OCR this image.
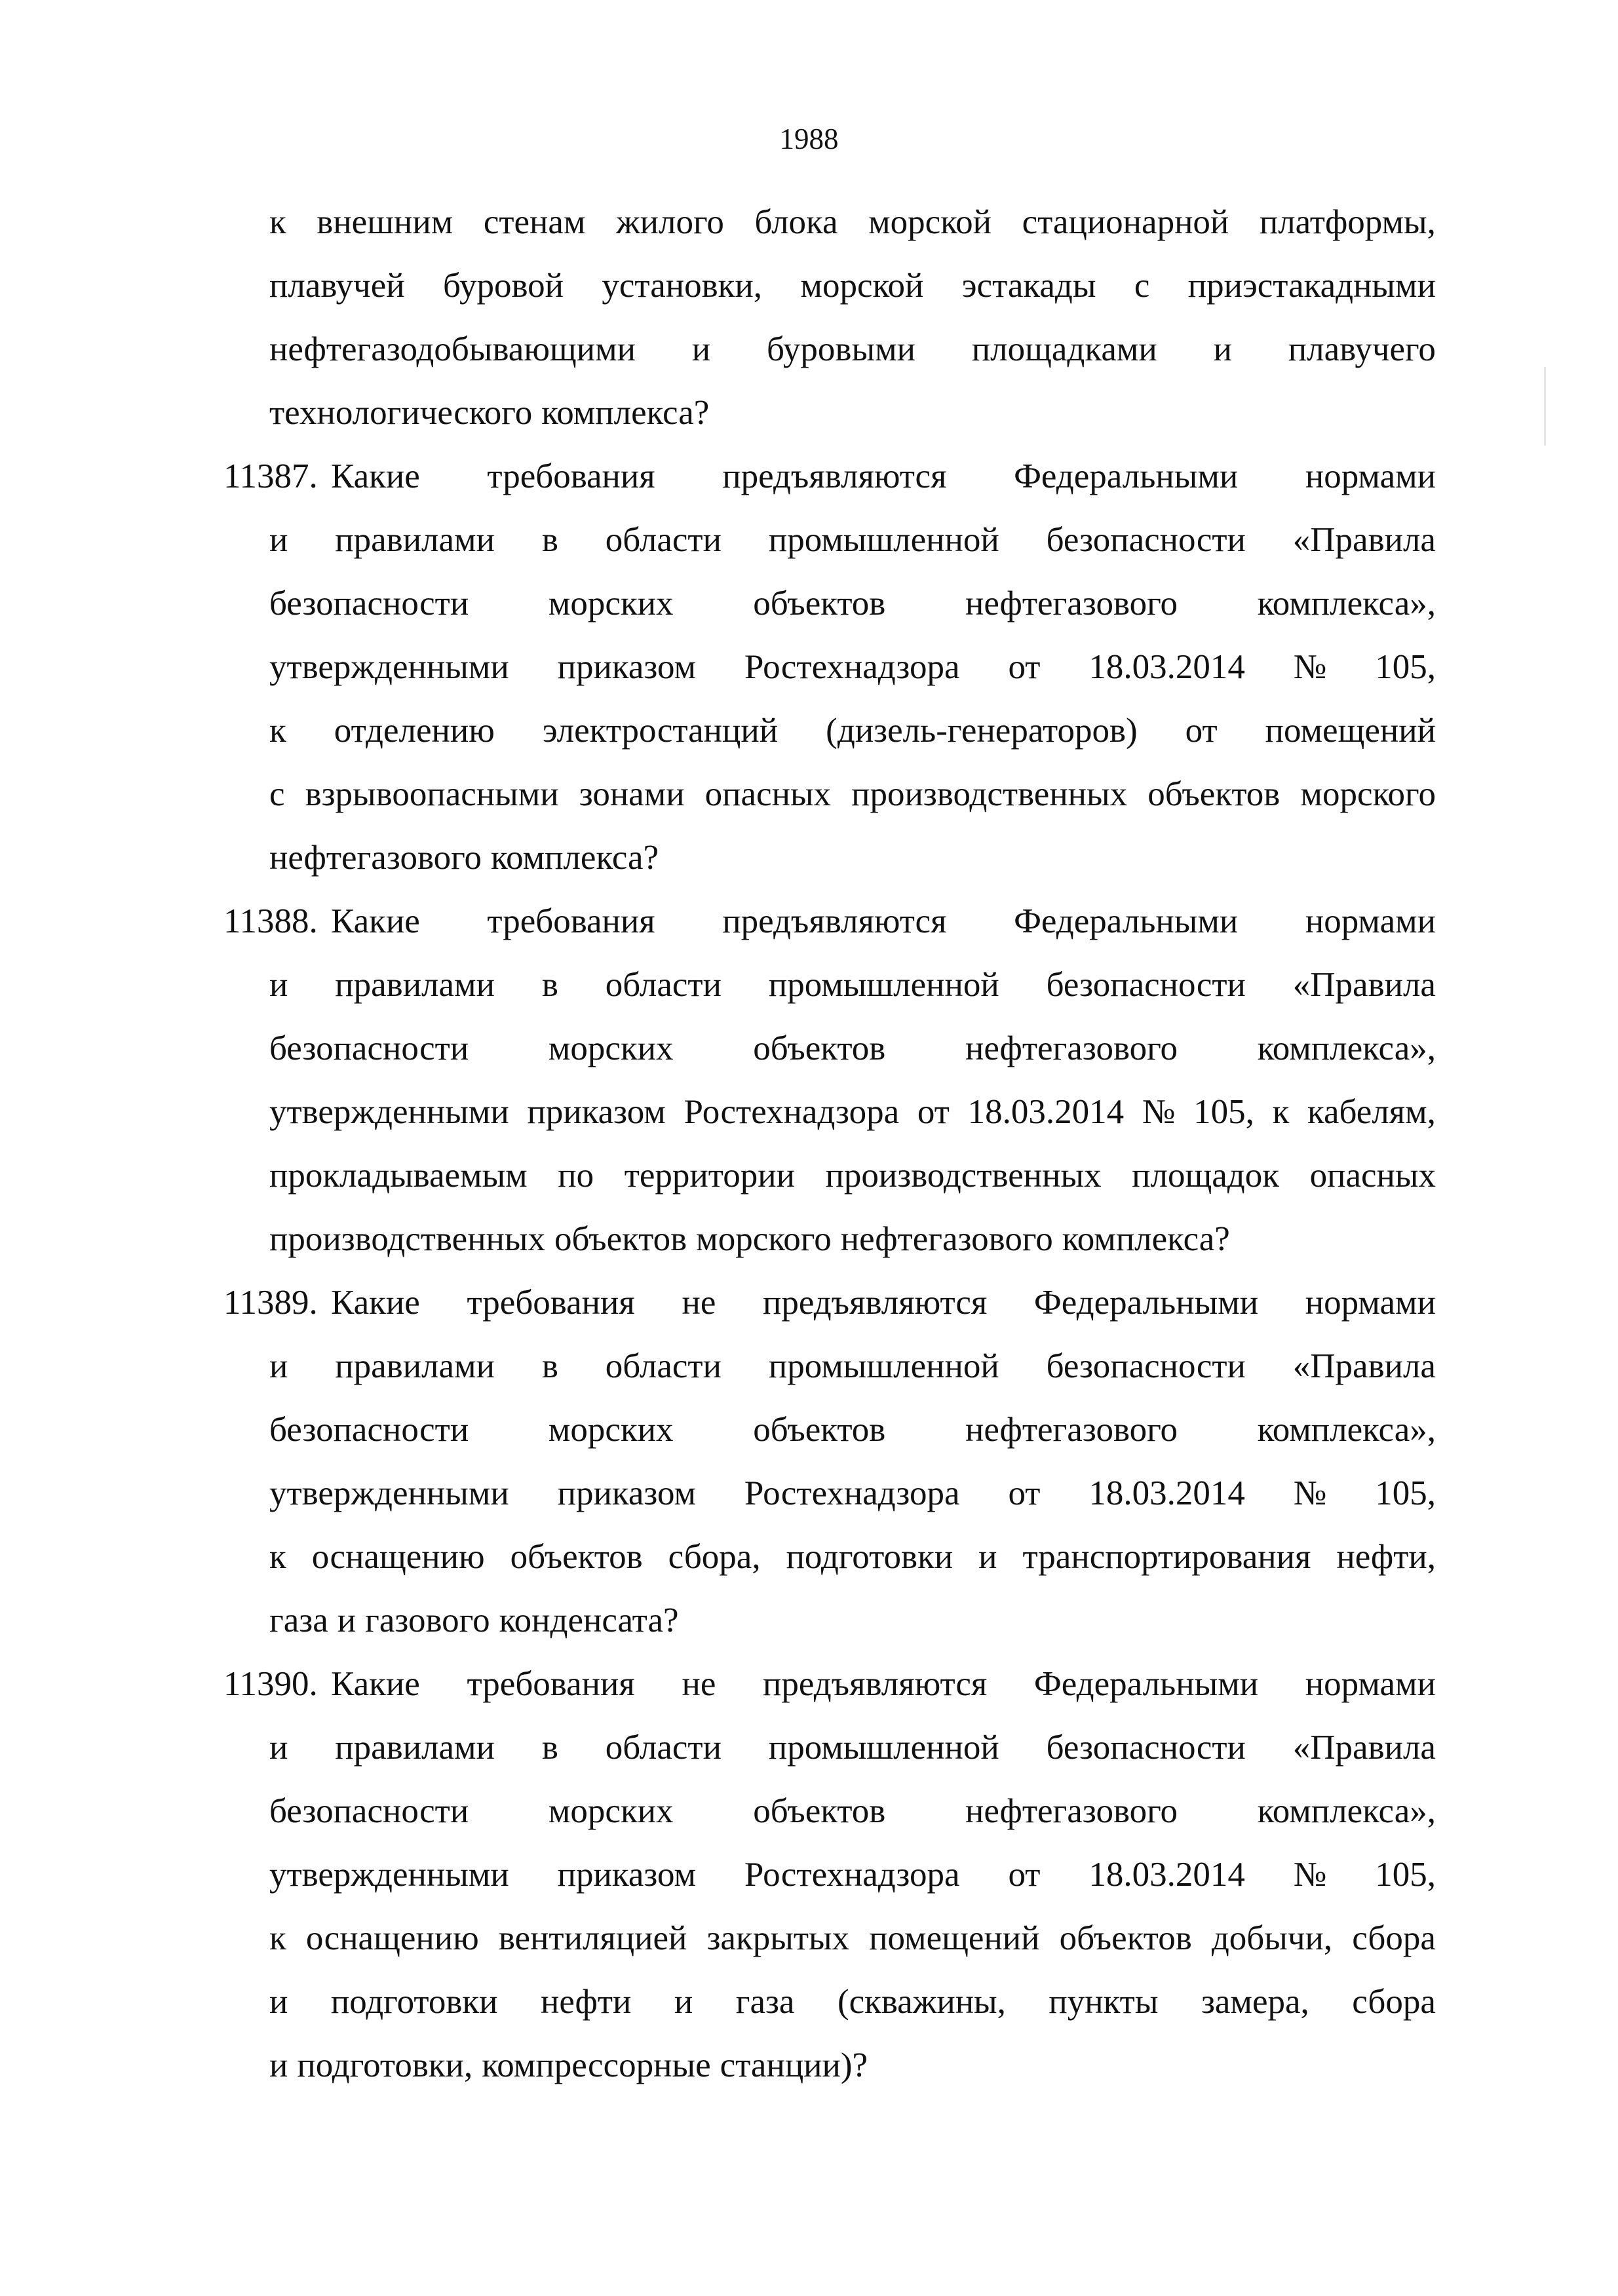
1988
к внешним стенам жилого блока морской стационарной платформы,
плавучей буровой установки, морской эстакады с приэстакадными
нефтегазодобывающими и буровыми площадками и плавучего
технологического комплекса?
11387. Какие требования предъявляются Федеральными нормами
и правилами в области промышленной безопасности «Правила
безопасности морских объектов нефтегазового комплекса»,
утвержденными приказом Ростехнадзора от 18.03.2014 № 105,
к отделению электростанций (дизель-генераторов) от помещений
с взрывоопасными зонами опасных производственных объектов морского
нефтегазового комплекса?
11388. Какие требования предъявляются Федеральными нормами
и правилами в области промышленной безопасности «Правила
безопасности морских объектов нефтегазового комплекса»,
утвержденными приказом Ростехнадзора от 18.03.2014 № 105, к кабелям,
прокладываемым по территории производственных площадок опасных
производственных объектов морского нефтегазового комплекса?
11389. Какие требования не предъявляются Федеральными нормами
и правилами в области промышленной безопасности «Правила
безопасности морских объектов нефтегазового комплекса»,
утвержденными приказом Ростехнадзора от 18.03.2014 № 105,
к оснащению объектов сбора, подготовки и транспортирования нефти,
газа и газового конденсата?
11390. Какие требования не предъявляются Федеральными нормами
и правилами в области промышленной безопасности «Правила
безопасности морских объектов нефтегазового комплекса»,
утвержденными приказом Ростехнадзора от 18.03.2014 № 105,
к оснащению вентиляцией закрытых помещений объектов добычи, сбора
и подготовки нефти и газа (скважины, пункты замера, сбора
и подготовки, компрессорные станции)?
